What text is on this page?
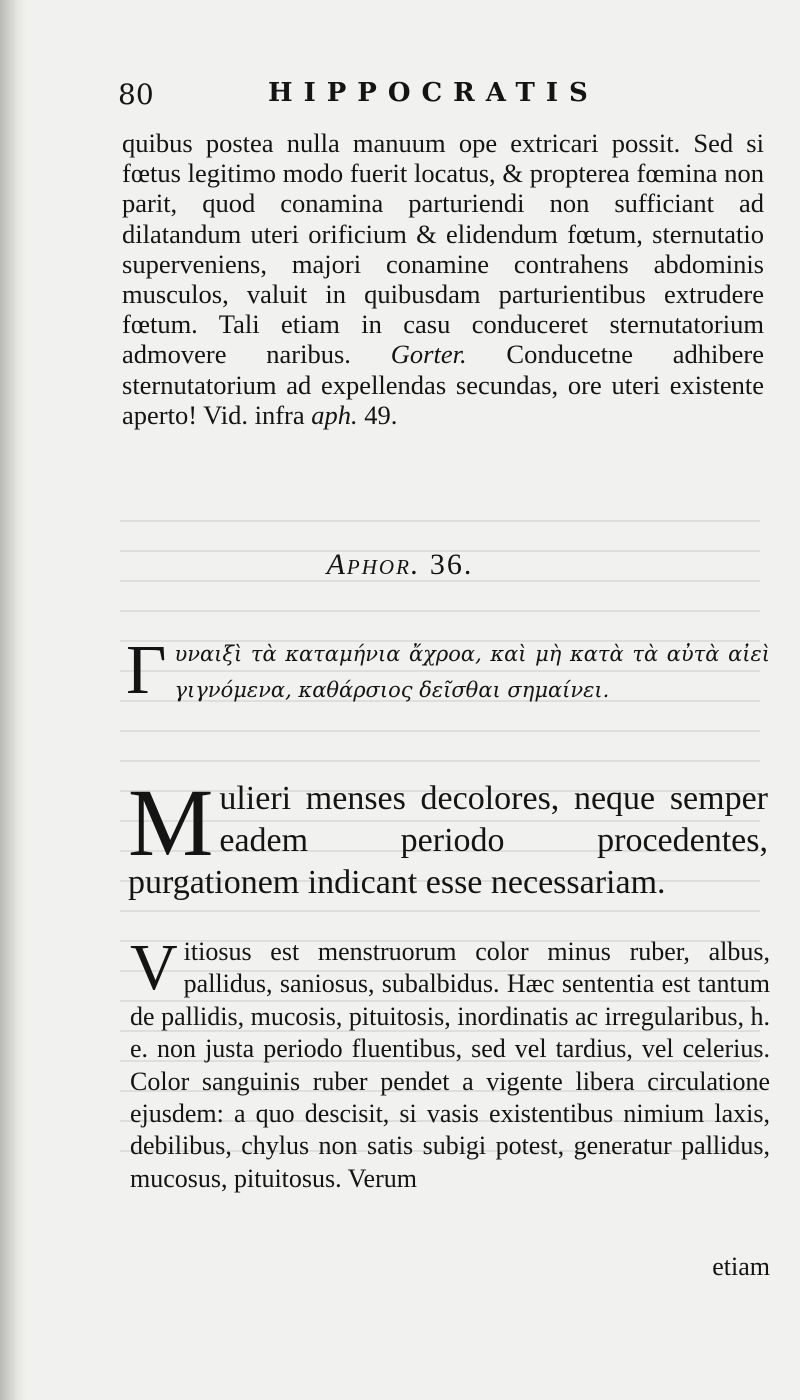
80	HIPPOCRATIS

quibus postea nulla manuum ope extricari possit. Sed si fœtus legitimo modo fuerit locatus, & propterea fœmina non parit, quod conamina parturiendi non sufficiant ad dilatandum uteri orificium & elidendum fœtum, sternutatio superveniens, majori conamine contrahens abdominis musculos, valuit in quibusdam parturientibus extrudere fœtum. Tali etiam in casu conduceret sternutatorium admovere naribus. Gorter. Conducetne adhibere sternutatorium ad expellendas secundas, ore uteri existente aperto! Vid. infra aph. 49.

Aphor. 36.

Γυναιξὶ τὰ καταμήνια ἄχροα, καὶ μὴ κατὰ τὰ αὐτὰ αἰεὶ γιγνόμενα, καθάρσιος δεῖσθαι σημαίνει.

Mulieri menses decolores, neque semper eadem periodo procedentes, purgationem indicant esse necessariam.

Vitiosus est menstruorum color minus ruber, albus, pallidus, saniosus, subalbidus. Hæc sententia est tantum de pallidis, mucosis, pituitosis, inordinatis ac irregularibus, h. e. non justa periodo fluentibus, sed vel tardius, vel celerius. Color sanguinis ruber pendet a vigente libera circulatione ejusdem: a quo descisit, si vasis existentibus nimium laxis, debilibus, chylus non satis subigi potest, generatur pallidus, mucosus, pituitosus. Verum

etiam
